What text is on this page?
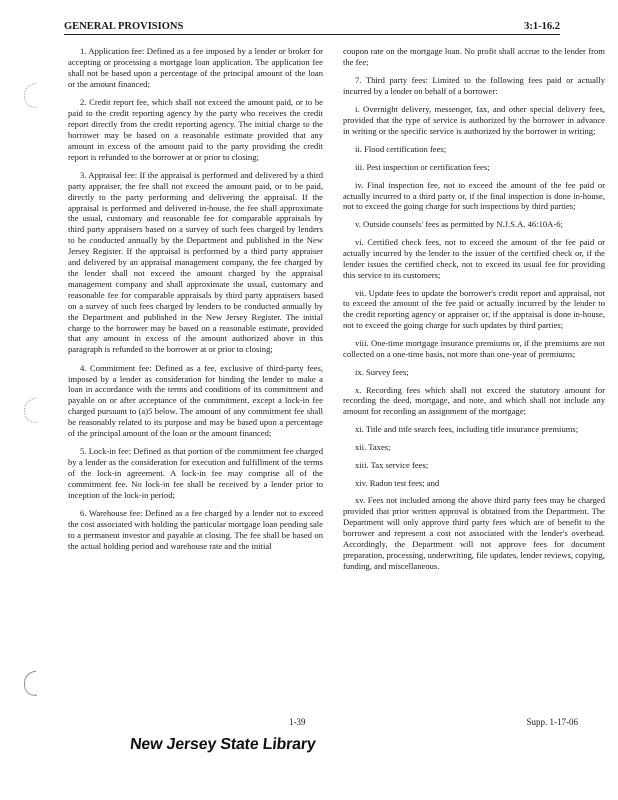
GENERAL PROVISIONS	3:1-16.2

1. Application fee: Defined as a fee imposed by a lender or broker for accepting or processing a mortgage loan application. The application fee shall not be based upon a percentage of the principal amount of the loan or the amount financed;

2. Credit report fee, which shall not exceed the amount paid, or to be paid to the credit reporting agency by the party who receives the credit report directly from the credit reporting agency. The initial charge to the borrower may be based on a reasonable estimate provided that any amount in excess of the amount paid to the party providing the credit report is refunded to the borrower at or prior to closing;

3. Appraisal fee: If the appraisal is performed and delivered by a third party appraiser, the fee shall not exceed the amount paid, or to be paid, directly to the party performing and delivering the appraisal. If the appraisal is performed and delivered in-house, the fee shall approximate the usual, customary and reasonable fee for comparable appraisals by third party appraisers based on a survey of such fees charged by lenders to be conducted annually by the Department and published in the New Jersey Register. If the appraisal is performed by a third party appraiser and delivered by an appraisal management company, the fee charged by the lender shall not exceed the amount charged by the appraisal management company and shall approximate the usual, customary and reasonable fee for comparable appraisals by third party appraisers based on a survey of such fees charged by lenders to be conducted annually by the Department and published in the New Jersey Register. The initial charge to the borrower may be based on a reasonable estimate, provided that any amount in excess of the amount authorized above in this paragraph is refunded to the borrower at or prior to closing;

4. Commitment fee: Defined as a fee, exclusive of third-party fees, imposed by a lender as consideration for binding the lender to make a loan in accordance with the terms and conditions of its commitment and payable on or after acceptance of the commitment, except a lock-in fee charged pursuant to (a)5 below. The amount of any commitment fee shall be reasonably related to its purpose and may be based upon a percentage of the principal amount of the loan or the amount financed;

5. Lock-in fee: Defined as that portion of the commitment fee charged by a lender as the consideration for execution and fulfillment of the terms of the lock-in agreement. A lock-in fee may comprise all of the commitment fee. No lock-in fee shall be received by a lender prior to inception of the lock-in period;

6. Warehouse fee: Defined as a fee charged by a lender not to exceed the cost associated with holding the particular mortgage loan pending sale to a permanent investor and payable at closing. The fee shall be based on the actual holding period and warehouse rate and the initial

coupon rate on the mortgage loan. No profit shall accrue to the lender from the fee;

7. Third party fees: Limited to the following fees paid or actually incurred by a lender on behalf of a borrower:

i. Overnight delivery, messenger, fax, and other special delivery fees, provided that the type of service is authorized by the borrower in advance in writing or the specific service is authorized by the borrower in writing;

ii. Flood certification fees;

iii. Pest inspection or certification fees;

iv. Final inspection fee, not to exceed the amount of the fee paid or actually incurred to a third party or, if the final inspection is done in-house, not to exceed the going charge for such inspections by third parties;

v. Outside counsels' fees as permitted by N.J.S.A. 46:10A-6;

vi. Certified check fees, not to exceed the amount of the fee paid or actually incurred by the lender to the issuer of the certified check or, if the lender issues the certified check, not to exceed its usual fee for providing this service to its customers;

vii. Update fees to update the borrower's credit report and appraisal, not to exceed the amount of the fee paid or actually incurred by the lender to the credit reporting agency or appraiser or, if the appraisal is done in-house, not to exceed the going charge for such updates by third parties;

viii. One-time mortgage insurance premiums or, if the premiums are not collected on a one-time basis, not more than one-year of premiums;

ix. Survey fees;

x. Recording fees which shall not exceed the statutory amount for recording the deed, mortgage, and note, and which shall not include any amount for recording an assignment of the mortgage;

xi. Title and title search fees, including title insurance premiums;

xii. Taxes;

xiii. Tax service fees;

xiv. Radon test fees; and

xv. Fees not included among the above third party fees may be charged provided that prior written approval is obtained from the Department. The Department will only approve third party fees which are of benefit to the borrower and represent a cost not associated with the lender's overhead. Accordingly, the Department will not approve fees for document preparation, processing, underwriting, file updates, lender reviews, copying, funding, and miscellaneous.

1-39	Supp. 1-17-06
New Jersey State Library
